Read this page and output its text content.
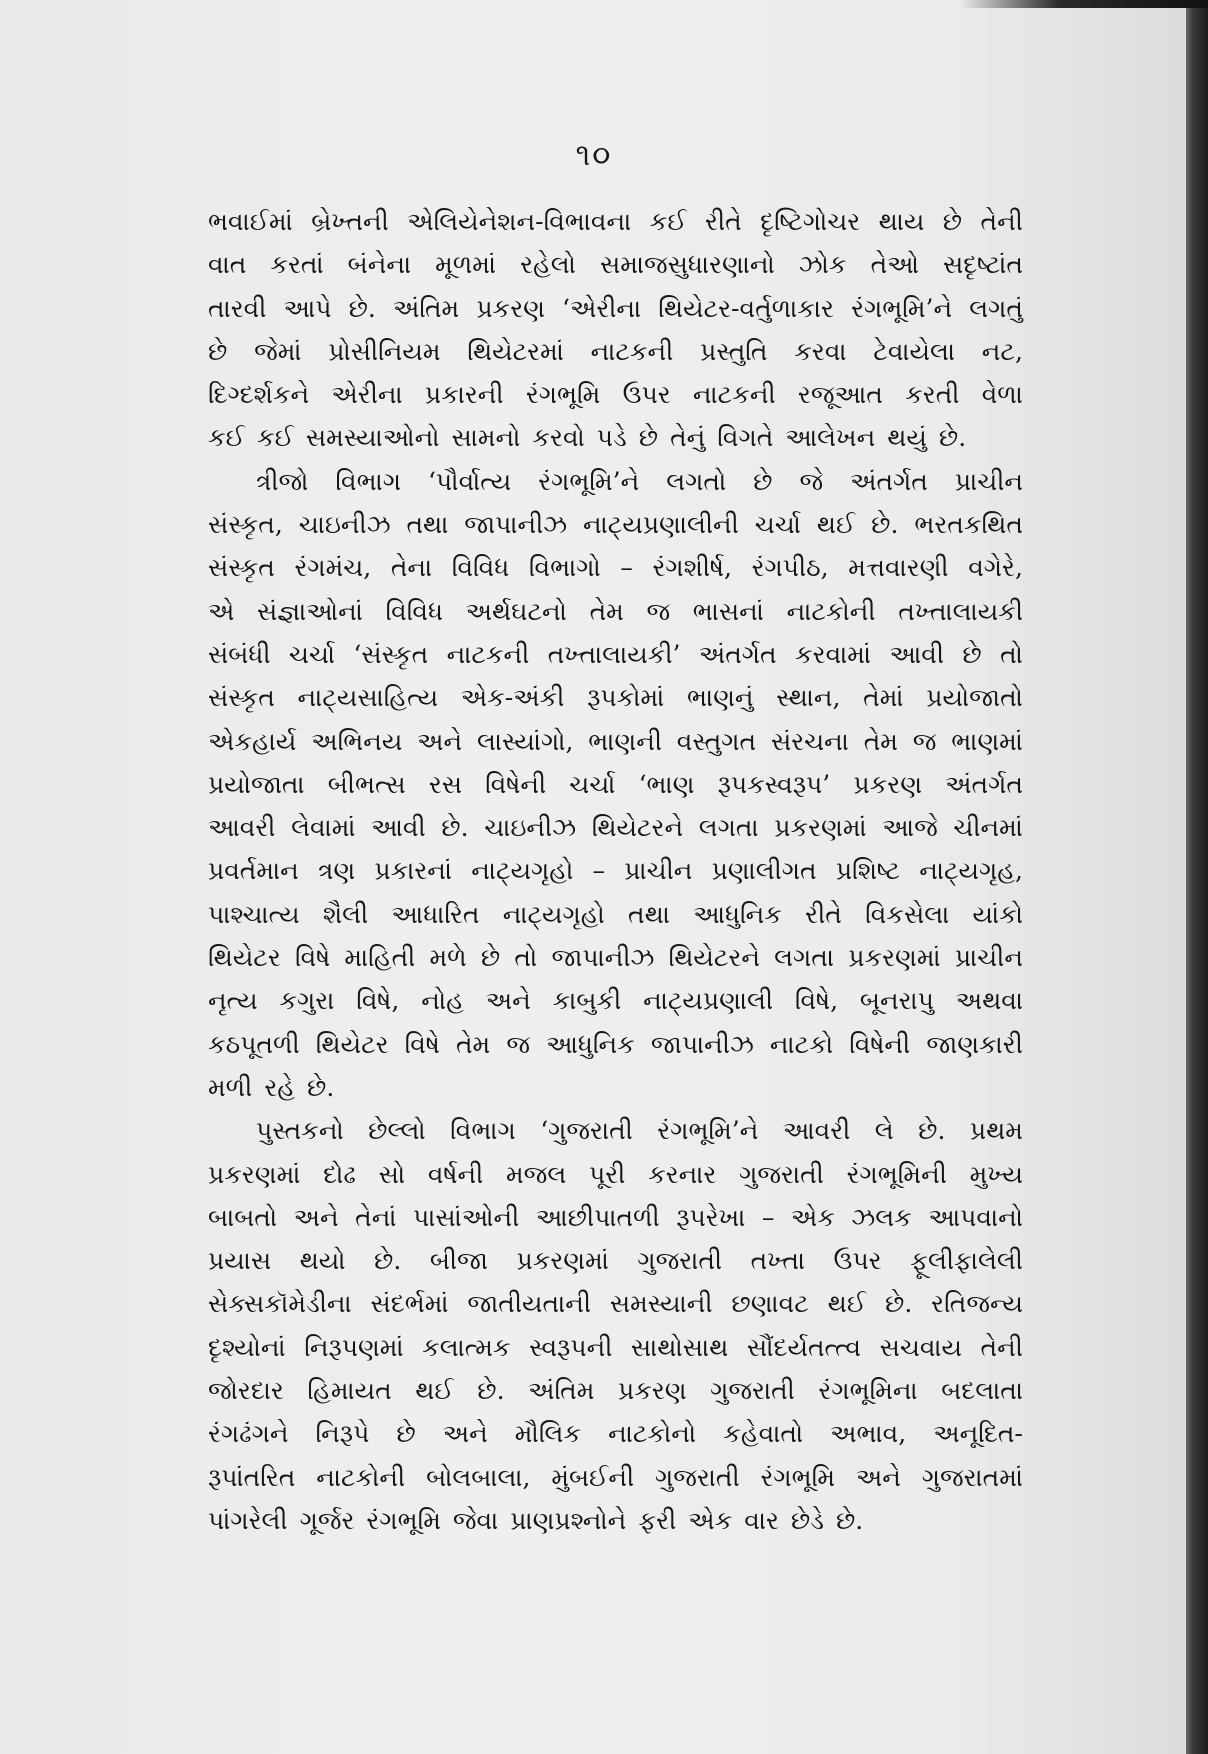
૧૦
ભવાઈમાં બ્રેખ્તની એલિયેનેશન-વિભાવના કઈ રીતે દૃષ્ટિગોચર થાય છે તેની
વાત કરતાં બંનેના મૂળમાં રહેલો સમાજસુધારણાનો ઝોક તેઓ સદૃષ્ટાંત
તારવી આપે છે. અંતિમ પ્રકરણ ‘એરીના થિયેટર-વર્તુળાકાર રંગભૂમિ’ને લગતું
છે જેમાં પ્રોસીનિયમ થિયેટરમાં નાટકની પ્રસ્તુતિ કરવા ટેવાયેલા નટ,
દિગ્દર્શકને એરીના પ્રકારની રંગભૂમિ ઉપર નાટકની રજૂઆત કરતી વેળા
કઈ કઈ સમસ્યાઓનો સામનો કરવો પડે છે તેનું વિગતે આલેખન થયું છે.
ત્રીજો વિભાગ ‘પૌર્વાત્ય રંગભૂમિ’ને લગતો છે જે અંતર્ગત પ્રાચીન
સંસ્કૃત, ચાઇનીઝ તથા જાપાનીઝ નાટ્યપ્રણાલીની ચર્ચા થઈ છે. ભરતકથિત
સંસ્કૃત રંગમંચ, તેના વિવિધ વિભાગો – રંગશીર્ષ, રંગપીઠ, મત્તવારણી વગેરે,
એ સંજ્ઞાઓનાં વિવિધ અર્થઘટનો તેમ જ ભાસનાં નાટકોની તખ્તાલાયકી
સંબંધી ચર્ચા ‘સંસ્કૃત નાટકની તખ્તાલાયકી’ અંતર્ગત કરવામાં આવી છે તો
સંસ્કૃત નાટ્યસાહિત્ય એક-અંકી રૂપકોમાં ભાણનું સ્થાન, તેમાં પ્રયોજાતો
એકહાર્ય અભિનય અને લાસ્યાંગો, ભાણની વસ્તુગત સંરચના તેમ જ ભાણમાં
પ્રયોજાતા બીભત્સ રસ વિષેની ચર્ચા ‘ભાણ રૂપકસ્વરૂપ’ પ્રકરણ અંતર્ગત
આવરી લેવામાં આવી છે. ચાઇનીઝ થિયેટરને લગતા પ્રકરણમાં આજે ચીનમાં
પ્રવર્તમાન ત્રણ પ્રકારનાં નાટ્યગૃહો – પ્રાચીન પ્રણાલીગત પ્રશિષ્ટ નાટ્યગૃહ,
પાશ્ચાત્ય શૈલી આધારિત નાટ્યગૃહો તથા આધુનિક રીતે વિકસેલા યાંકો
થિયેટર વિષે માહિતી મળે છે તો જાપાનીઝ થિયેટરને લગતા પ્રકરણમાં પ્રાચીન
નૃત્ય કગુરા વિષે, નોહ અને કાબુકી નાટ્યપ્રણાલી વિષે, બૂનરાપુ અથવા
કઠપૂતળી થિયેટર વિષે તેમ જ આધુનિક જાપાનીઝ નાટકો વિષેની જાણકારી
મળી રહે છે.
પુસ્તકનો છેલ્લો વિભાગ ‘ગુજરાતી રંગભૂમિ’ને આવરી લે છે. પ્રથમ
પ્રકરણમાં દોઢ સો વર્ષની મજલ પૂરી કરનાર ગુજરાતી રંગભૂમિની મુખ્ય
બાબતો અને તેનાં પાસાંઓની આછીપાતળી રૂપરેખા – એક ઝલક આપવાનો
પ્રયાસ થયો છે. બીજા પ્રકરણમાં ગુજરાતી તખ્તા ઉપર ફૂલીફાલેલી
સેક્સકૉમેડીના સંદર્ભમાં જાતીયતાની સમસ્યાની છણાવટ થઈ છે. રતિજન્ય
દૃશ્યોનાં નિરૂપણમાં કલાત્મક સ્વરૂપની સાથોસાથ સૌંદર્યતત્ત્વ સચવાય તેની
જોરદાર હિમાયત થઈ છે. અંતિમ પ્રકરણ ગુજરાતી રંગભૂમિના બદલાતા
રંગઢંગને નિરૂપે છે અને મૌલિક નાટકોનો કહેવાતો અભાવ, અનૂદિત-
રૂપાંતરિત નાટકોની બોલબાલા, મુંબઈની ગુજરાતી રંગભૂમિ અને ગુજરાતમાં
પાંગરેલી ગૂર્જર રંગભૂમિ જેવા પ્રાણપ્રશ્નોને ફરી એક વાર છેડે છે.
